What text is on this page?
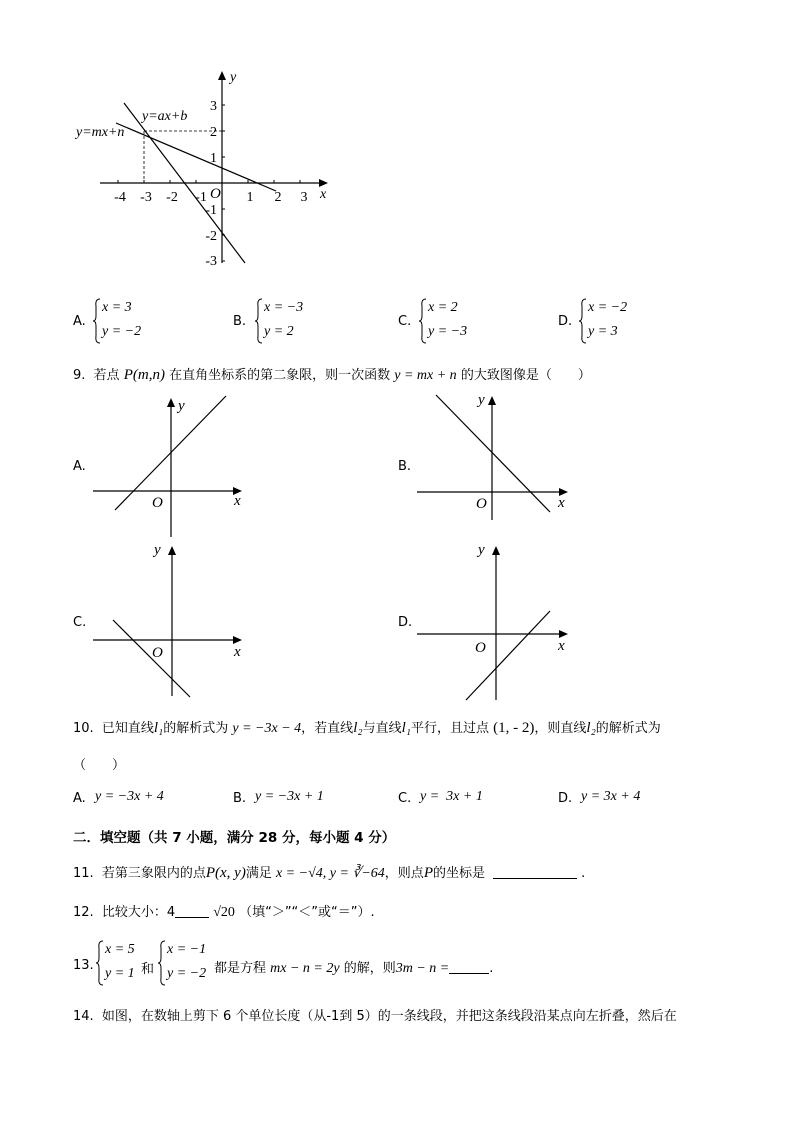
x
y
O
-4 -3 -2 -1	1 2 3
3
2
1
-1
-2
-3
y=ax+b
y=mx+n
A.
x = 3
y = −2
B.
x = −3
y = 2
C.
x = 2
y = −3
D.
x = −2
y = 3
9. 若点 P(m,n) 在直角坐标系的第二象限，则一次函数 y = mx + n 的大致图像是（　　）
A.
x
y
O
B.
x
y
O
C.
x
y
O
D.
x
y
O
10. 已知直线l₁的解析式为 y = −3x − 4，若直线l₂与直线l₁平行，且过点 (1, - 2)，则直线l₂的解析式为
（　　）
A. y = −3x + 4	B. y = −3x + 1	C. y =  3x + 1	D. y = 3x + 4
二．填空题（共 7 小题，满分 28 分，每小题 4 分）
11. 若第三象限内的点P(x, y)满足 x = −√4, y = ∛−64，则点P的坐标是	.
12. 比较大小：4	√20 （填“＞”“＜”或“＝”）.
13.
x = 5
y = 1 和
x = −1
y = −2 都是方程 mx − n = 2y 的解，则3m − n =	.
14. 如图，在数轴上剪下 6 个单位长度（从-1到 5）的一条线段，并把这条线段沿某点向左折叠，然后在
